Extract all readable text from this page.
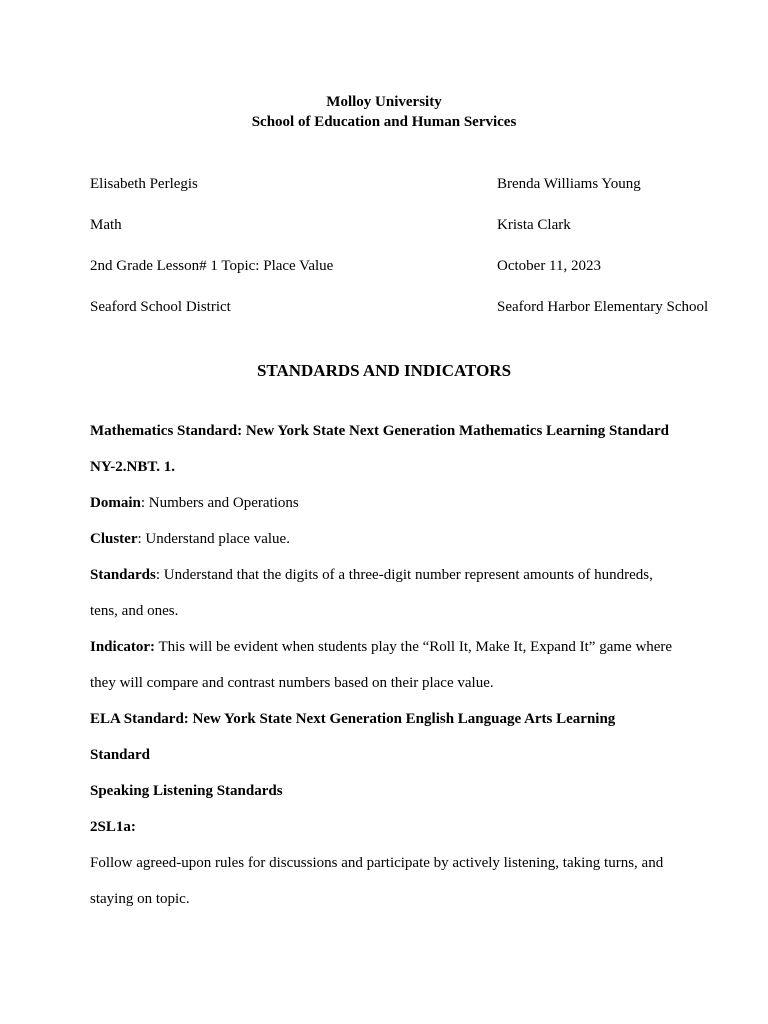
Molloy University
School of Education and Human Services
Elisabeth Perlegis	Brenda Williams Young
Math	Krista Clark
2nd Grade Lesson# 1 Topic: Place Value	October 11, 2023
Seaford School District	Seaford Harbor Elementary School
STANDARDS AND INDICATORS
Mathematics Standard: New York State Next Generation Mathematics Learning Standard
NY-2.NBT. 1.
Domain: Numbers and Operations
Cluster: Understand place value.
Standards: Understand that the digits of a three-digit number represent amounts of hundreds,
tens, and ones.
Indicator: This will be evident when students play the “Roll It, Make It, Expand It” game where
they will compare and contrast numbers based on their place value.
ELA Standard: New York State Next Generation English Language Arts Learning
Standard
Speaking Listening Standards
2SL1a:
Follow agreed-upon rules for discussions and participate by actively listening, taking turns, and
staying on topic.
